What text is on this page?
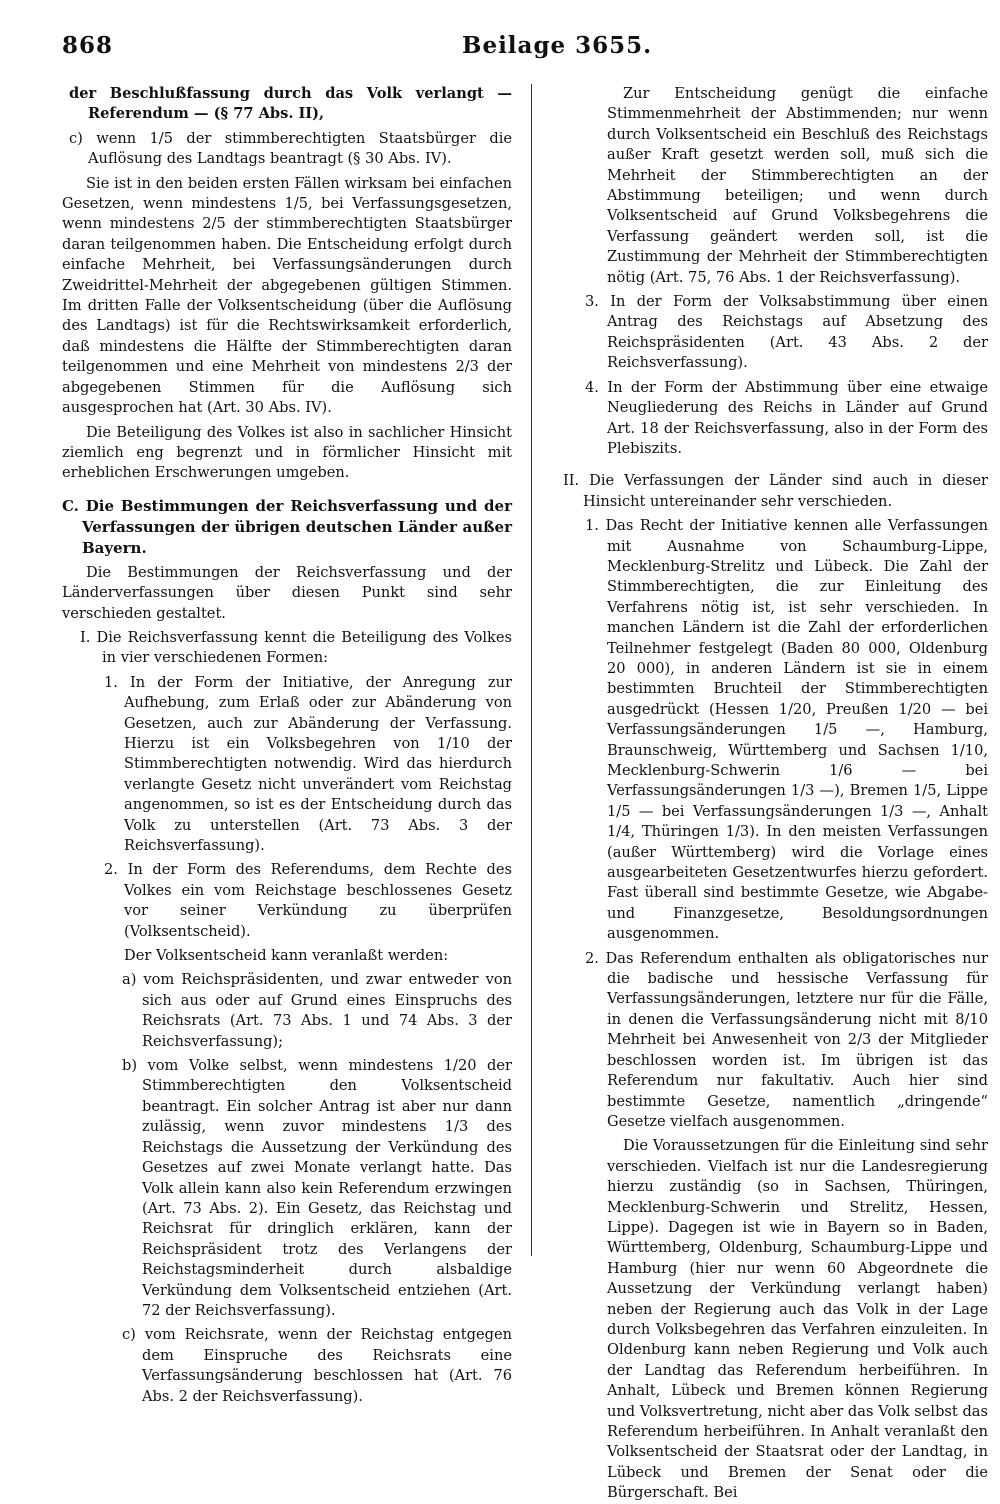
868	Beilage 3655.

der Beschlußfassung durch das Volk verlangt — Referendum — (§ 77 Abs. II),

c) wenn 1/5 der stimmberechtigten Staatsbürger die Auflösung des Landtags beantragt (§ 30 Abs. IV).

Sie ist in den beiden ersten Fällen wirksam bei einfachen Gesetzen, wenn mindestens 1/5, bei Verfassungsgesetzen, wenn mindestens 2/5 der stimmberechtigten Staatsbürger daran teilgenommen haben. Die Entscheidung erfolgt durch einfache Mehrheit, bei Verfassungsänderungen durch Zweidrittel-Mehrheit der abgegebenen gültigen Stimmen. Im dritten Falle der Volksentscheidung (über die Auflösung des Landtags) ist für die Rechtswirksamkeit erforderlich, daß mindestens die Hälfte der Stimmberechtigten daran teilgenommen und eine Mehrheit von mindestens 2/3 der abgegebenen Stimmen für die Auflösung sich ausgesprochen hat (Art. 30 Abs. IV).

Die Beteiligung des Volkes ist also in sachlicher Hinsicht ziemlich eng begrenzt und in förmlicher Hinsicht mit erheblichen Erschwerungen umgeben.

C. Die Bestimmungen der Reichsverfassung und der Verfassungen der übrigen deutschen Länder außer Bayern.

Die Bestimmungen der Reichsverfassung und der Länderverfassungen über diesen Punkt sind sehr verschieden gestaltet.

I. Die Reichsverfassung kennt die Beteiligung des Volkes in vier verschiedenen Formen:

1. In der Form der Initiative, der Anregung zur Aufhebung, zum Erlaß oder zur Abänderung von Gesetzen, auch zur Abänderung der Verfassung. Hierzu ist ein Volksbegehren von 1/10 der Stimmberechtigten notwendig. Wird das hierdurch verlangte Gesetz nicht unverändert vom Reichstag angenommen, so ist es der Entscheidung durch das Volk zu unterstellen (Art. 73 Abs. 3 der Reichsverfassung).

2. In der Form des Referendums, dem Rechte des Volkes ein vom Reichstage beschlossenes Gesetz vor seiner Verkündung zu überprüfen (Volksentscheid).

Der Volksentscheid kann veranlaßt werden:

a) vom Reichspräsidenten, und zwar entweder von sich aus oder auf Grund eines Einspruchs des Reichsrats (Art. 73 Abs. 1 und 74 Abs. 3 der Reichsverfassung);

b) vom Volke selbst, wenn mindestens 1/20 der Stimmberechtigten den Volksentscheid beantragt. Ein solcher Antrag ist aber nur dann zulässig, wenn zuvor mindestens 1/3 des Reichstags die Aussetzung der Verkündung des Gesetzes auf zwei Monate verlangt hatte. Das Volk allein kann also kein Referendum erzwingen (Art. 73 Abs. 2). Ein Gesetz, das Reichstag und Reichsrat für dringlich erklären, kann der Reichspräsident trotz des Verlangens der Reichstagsminderheit durch alsbaldige Verkündung dem Volksentscheid entziehen (Art. 72 der Reichsverfassung).

c) vom Reichsrate, wenn der Reichstag entgegen dem Einspruche des Reichsrats eine Verfassungsänderung beschlossen hat (Art. 76 Abs. 2 der Reichsverfassung).

Zur Entscheidung genügt die einfache Stimmenmehrheit der Abstimmenden; nur wenn durch Volksentscheid ein Beschluß des Reichstags außer Kraft gesetzt werden soll, muß sich die Mehrheit der Stimmberechtigten an der Abstimmung beteiligen; und wenn durch Volksentscheid auf Grund Volksbegehrens die Verfassung geändert werden soll, ist die Zustimmung der Mehrheit der Stimmberechtigten nötig (Art. 75, 76 Abs. 1 der Reichsverfassung).

3. In der Form der Volksabstimmung über einen Antrag des Reichstags auf Absetzung des Reichspräsidenten (Art. 43 Abs. 2 der Reichsverfassung).

4. In der Form der Abstimmung über eine etwaige Neugliederung des Reichs in Länder auf Grund Art. 18 der Reichsverfassung, also in der Form des Plebiszits.

II. Die Verfassungen der Länder sind auch in dieser Hinsicht untereinander sehr verschieden.

1. Das Recht der Initiative kennen alle Verfassungen mit Ausnahme von Schaumburg-Lippe, Mecklenburg-Strelitz und Lübeck. Die Zahl der Stimmberechtigten, die zur Einleitung des Verfahrens nötig ist, ist sehr verschieden. In manchen Ländern ist die Zahl der erforderlichen Teilnehmer festgelegt (Baden 80 000, Oldenburg 20 000), in anderen Ländern ist sie in einem bestimmten Bruchteil der Stimmberechtigten ausgedrückt (Hessen 1/20, Preußen 1/20 — bei Verfassungsänderungen 1/5 —, Hamburg, Braunschweig, Württemberg und Sachsen 1/10, Mecklenburg-Schwerin 1/6 — bei Verfassungsänderungen 1/3 —), Bremen 1/5, Lippe 1/5 — bei Verfassungsänderungen 1/3 —, Anhalt 1/4, Thüringen 1/3). In den meisten Verfassungen (außer Württemberg) wird die Vorlage eines ausgearbeiteten Gesetzentwurfes hierzu gefordert. Fast überall sind bestimmte Gesetze, wie Abgabe- und Finanzgesetze, Besoldungsordnungen ausgenommen.

2. Das Referendum enthalten als obligatorisches nur die badische und hessische Verfassung für Verfassungsänderungen, letztere nur für die Fälle, in denen die Verfassungsänderung nicht mit 8/10 Mehrheit bei Anwesenheit von 2/3 der Mitglieder beschlossen worden ist. Im übrigen ist das Referendum nur fakultativ. Auch hier sind bestimmte Gesetze, namentlich „dringende“ Gesetze vielfach ausgenommen.

Die Voraussetzungen für die Einleitung sind sehr verschieden. Vielfach ist nur die Landesregierung hierzu zuständig (so in Sachsen, Thüringen, Mecklenburg-Schwerin und Strelitz, Hessen, Lippe). Dagegen ist wie in Bayern so in Baden, Württemberg, Oldenburg, Schaumburg-Lippe und Hamburg (hier nur wenn 60 Abgeordnete die Aussetzung der Verkündung verlangt haben) neben der Regierung auch das Volk in der Lage durch Volksbegehren das Verfahren einzuleiten. In Oldenburg kann neben Regierung und Volk auch der Landtag das Referendum herbeiführen. In Anhalt, Lübeck und Bremen können Regierung und Volksvertretung, nicht aber das Volk selbst das Referendum herbeiführen. In Anhalt veranlaßt den Volksentscheid der Staatsrat oder der Landtag, in Lübeck und Bremen der Senat oder die Bürgerschaft. Bei
